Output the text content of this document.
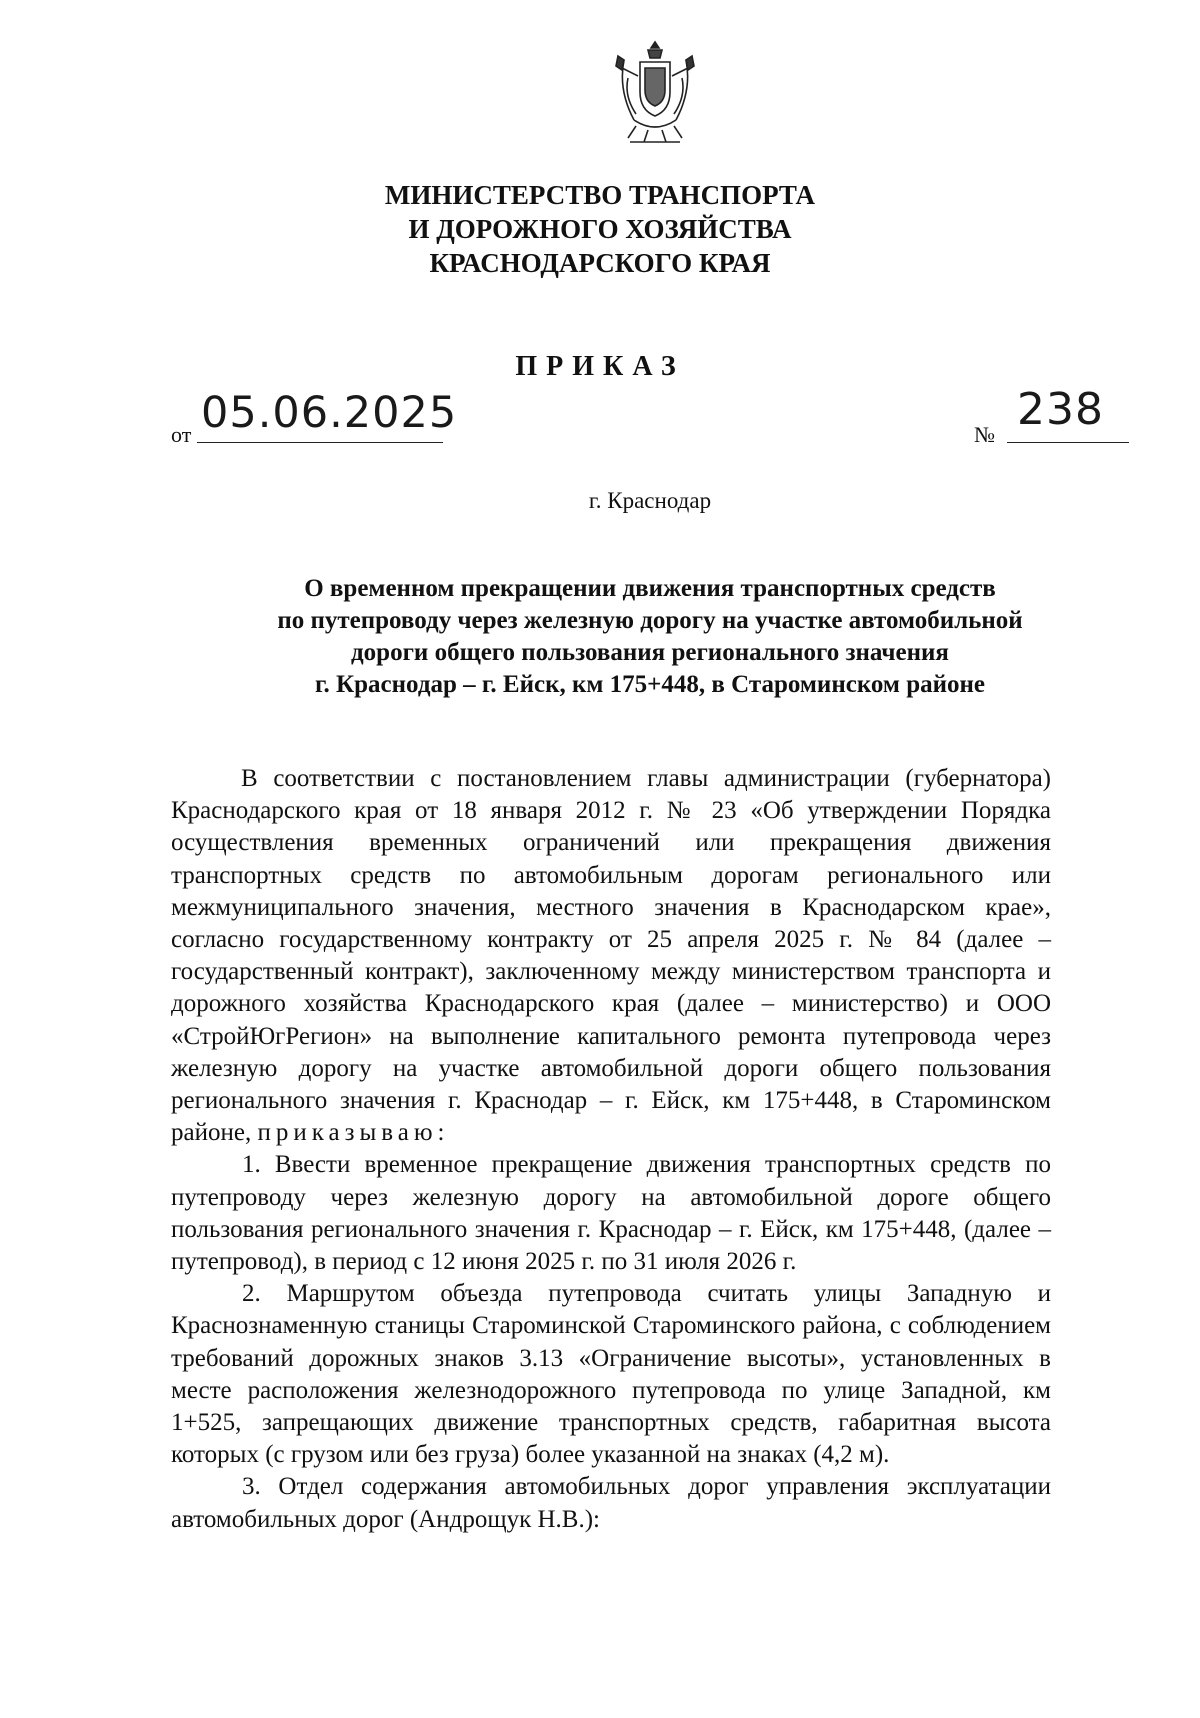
МИНИСТЕРСТВО ТРАНСПОРТА
И ДОРОЖНОГО ХОЗЯЙСТВА
КРАСНОДАРСКОГО КРАЯ
ПРИКАЗ
от 05.06.2025	№ 238
г. Краснодар
О временном прекращении движения транспортных средств
по путепроводу через железную дорогу на участке автомобильной
дороги общего пользования регионального значения
г. Краснодар – г. Ейск, км 175+448, в Староминском районе

В соответствии с постановлением главы администрации (губернатора) Краснодарского края от 18 января 2012 г. № 23 «Об утверждении Порядка осуществления временных ограничений или прекращения движения транспортных средств по автомобильным дорогам регионального или межмуниципального значения, местного значения в Краснодарском крае», согласно государственному контракту от 25 апреля 2025 г. № 84 (далее – государственный контракт), заключенному между министерством транспорта и дорожного хозяйства Краснодарского края (далее – министерство) и ООО «СтройЮгРегион» на выполнение капитального ремонта путепровода через железную дорогу на участке автомобильной дороги общего пользования регионального значения г. Краснодар – г. Ейск, км 175+448, в Староминском районе, приказываю:

1. Ввести временное прекращение движения транспортных средств по путепроводу через железную дорогу на автомобильной дороге общего пользования регионального значения г. Краснодар – г. Ейск, км 175+448, (далее – путепровод), в период с 12 июня 2025 г. по 31 июля 2026 г.

2. Маршрутом объезда путепровода считать улицы Западную и Краснознаменную станицы Староминской Староминского района, с соблюдением требований дорожных знаков 3.13 «Ограничение высоты», установленных в месте расположения железнодорожного путепровода по улице Западной, км 1+525, запрещающих движение транспортных средств, габаритная высота которых (с грузом или без груза) более указанной на знаках (4,2 м).

3. Отдел содержания автомобильных дорог управления эксплуатации автомобильных дорог (Андрощук Н.В.):
